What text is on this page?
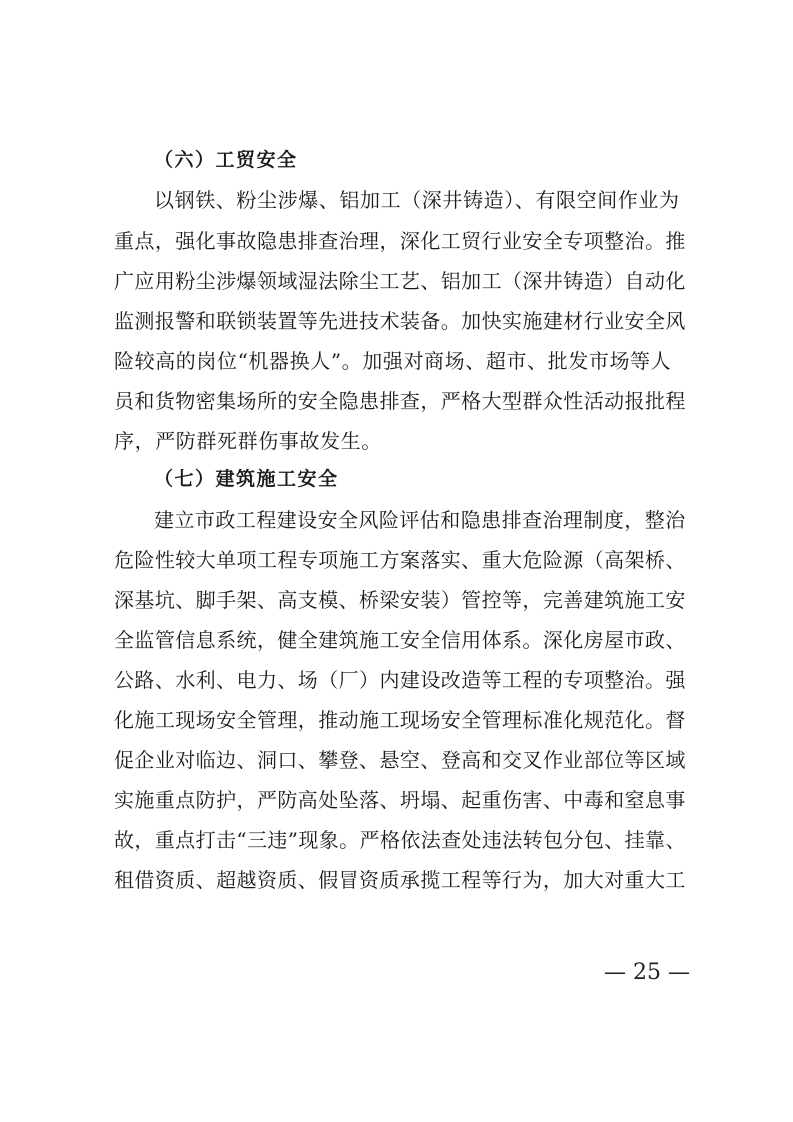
（六）工贸安全
以钢铁、粉尘涉爆、铝加工（深井铸造）、有限空间作业为
重点，强化事故隐患排查治理，深化工贸行业安全专项整治。推
广应用粉尘涉爆领域湿法除尘工艺、铝加工（深井铸造）自动化
监测报警和联锁装置等先进技术装备。加快实施建材行业安全风
险较高的岗位“机器换人”。加强对商场、超市、批发市场等人
员和货物密集场所的安全隐患排查，严格大型群众性活动报批程
序，严防群死群伤事故发生。
（七）建筑施工安全
建立市政工程建设安全风险评估和隐患排查治理制度，整治
危险性较大单项工程专项施工方案落实、重大危险源（高架桥、
深基坑、脚手架、高支模、桥梁安装）管控等，完善建筑施工安
全监管信息系统，健全建筑施工安全信用体系。深化房屋市政、
公路、水利、电力、场（厂）内建设改造等工程的专项整治。强
化施工现场安全管理，推动施工现场安全管理标准化规范化。督
促企业对临边、洞口、攀登、悬空、登高和交叉作业部位等区域
实施重点防护，严防高处坠落、坍塌、起重伤害、中毒和窒息事
故，重点打击“三违”现象。严格依法查处违法转包分包、挂靠、
租借资质、超越资质、假冒资质承揽工程等行为，加大对重大工
— 25 —
